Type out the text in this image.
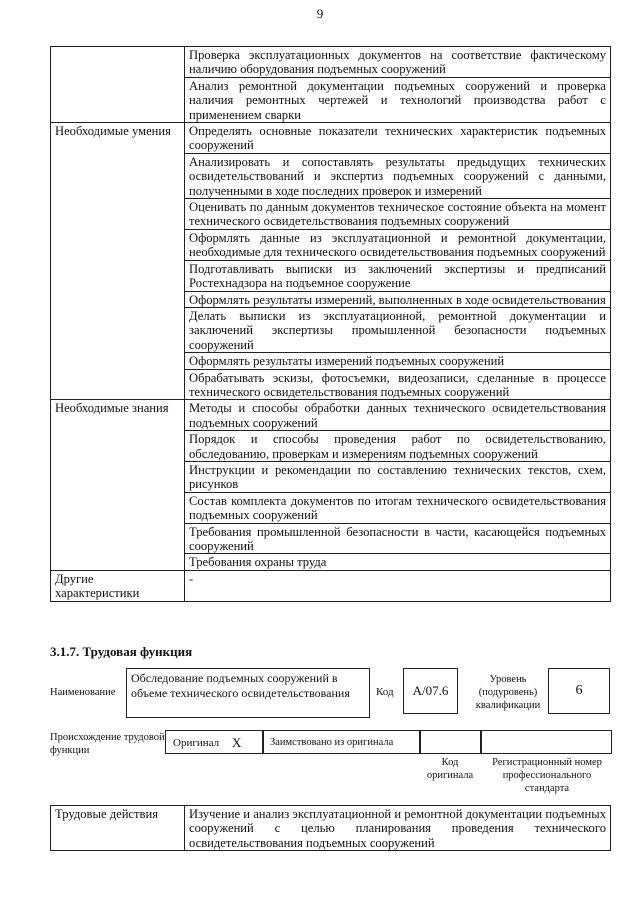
9
	Проверка эксплуатационных документов на соответствие фактическому наличию оборудования подъемных сооружений
	Анализ ремонтной документации подъемных сооружений и проверка наличия ремонтных чертежей и технологий производства работ с применением сварки
Необходимые умения	Определять основные показатели технических характеристик подъемных сооружений
	Анализировать и сопоставлять результаты предыдущих технических освидетельствований и экспертиз подъемных сооружений с данными, полученными в ходе последних проверок и измерений
	Оценивать по данным документов техническое состояние объекта на момент технического освидетельствования подъемных сооружений
	Оформлять данные из эксплуатационной и ремонтной документации, необходимые для технического освидетельствования подъемных сооружений
	Подготавливать выписки из заключений экспертизы и предписаний Ростехнадзора на подъемное сооружение
	Оформлять результаты измерений, выполненных в ходе освидетельствования
	Делать выписки из эксплуатационной, ремонтной документации и заключений экспертизы промышленной безопасности подъемных сооружений
	Оформлять результаты измерений подъемных сооружений
	Обрабатывать эскизы, фотосъемки, видеозаписи, сделанные в процессе технического освидетельствования подъемных сооружений
Необходимые знания	Методы и способы обработки данных технического освидетельствования подъемных сооружений
	Порядок и способы проведения работ по освидетельствованию, обследованию, проверкам и измерениям подъемных сооружений
	Инструкции и рекомендации по составлению технических текстов, схем, рисунков
	Состав комплекта документов по итогам технического освидетельствования подъемных сооружений
	Требования промышленной безопасности в части, касающейся подъемных сооружений
	Требования охраны труда
Другие характеристики	-
3.1.7. Трудовая функция
Наименование
Обследование подъемных сооружений в объеме технического освидетельствования	Код А/07.6
Уровень (подуровень) квалификации
6
Происхождение трудовой функции
Оригинал X	Заимствовано из оригинала
Код оригинала
Регистрационный номер профессионального стандарта
Трудовые действия	Изучение и анализ эксплуатационной и ремонтной документации подъемных сооружений с целью планирования проведения технического освидетельствования подъемных сооружений
